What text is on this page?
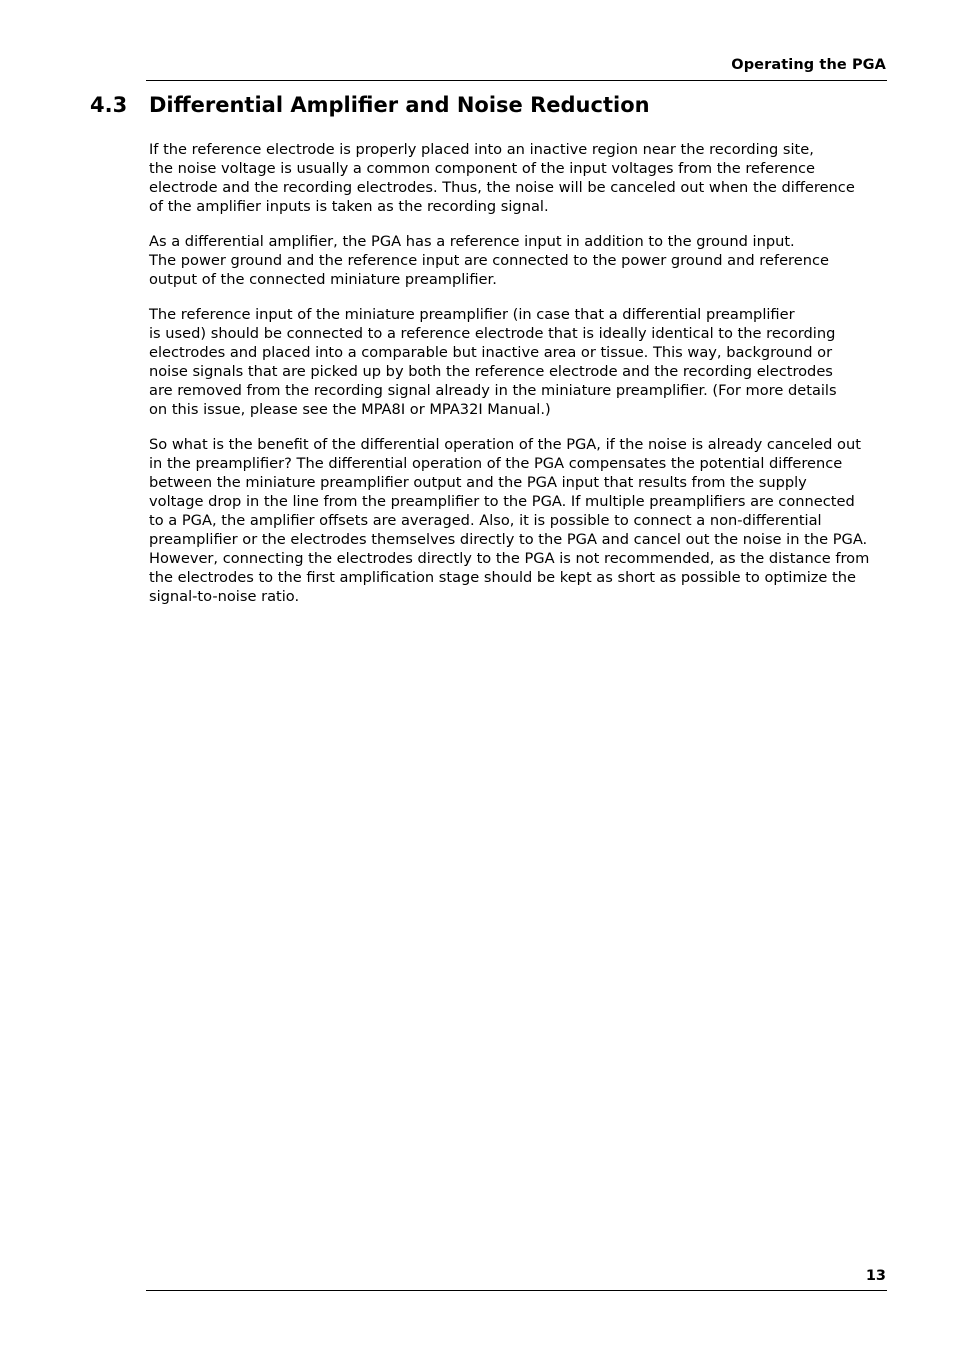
Operating the PGA
4.3 Differential Amplifier and Noise Reduction

If the reference electrode is properly placed into an inactive region near the recording site,
the noise voltage is usually a common component of the input voltages from the reference
electrode and the recording electrodes. Thus, the noise will be canceled out when the difference
of the amplifier inputs is taken as the recording signal.

As a differential amplifier, the PGA has a reference input in addition to the ground input.
The power ground and the reference input are connected to the power ground and reference
output of the connected miniature preamplifier.

The reference input of the miniature preamplifier (in case that a differential preamplifier
is used) should be connected to a reference electrode that is ideally identical to the recording
electrodes and placed into a comparable but inactive area or tissue. This way, background or
noise signals that are picked up by both the reference electrode and the recording electrodes
are removed from the recording signal already in the miniature preamplifier. (For more details
on this issue, please see the MPA8I or MPA32I Manual.)

So what is the benefit of the differential operation of the PGA, if the noise is already canceled out
in the preamplifier? The differential operation of the PGA compensates the potential difference
between the miniature preamplifier output and the PGA input that results from the supply
voltage drop in the line from the preamplifier to the PGA. If multiple preamplifiers are connected
to a PGA, the amplifier offsets are averaged. Also, it is possible to connect a non-differential
preamplifier or the electrodes themselves directly to the PGA and cancel out the noise in the PGA.
However, connecting the electrodes directly to the PGA is not recommended, as the distance from
the electrodes to the first amplification stage should be kept as short as possible to optimize the
signal-to-noise ratio.

13
